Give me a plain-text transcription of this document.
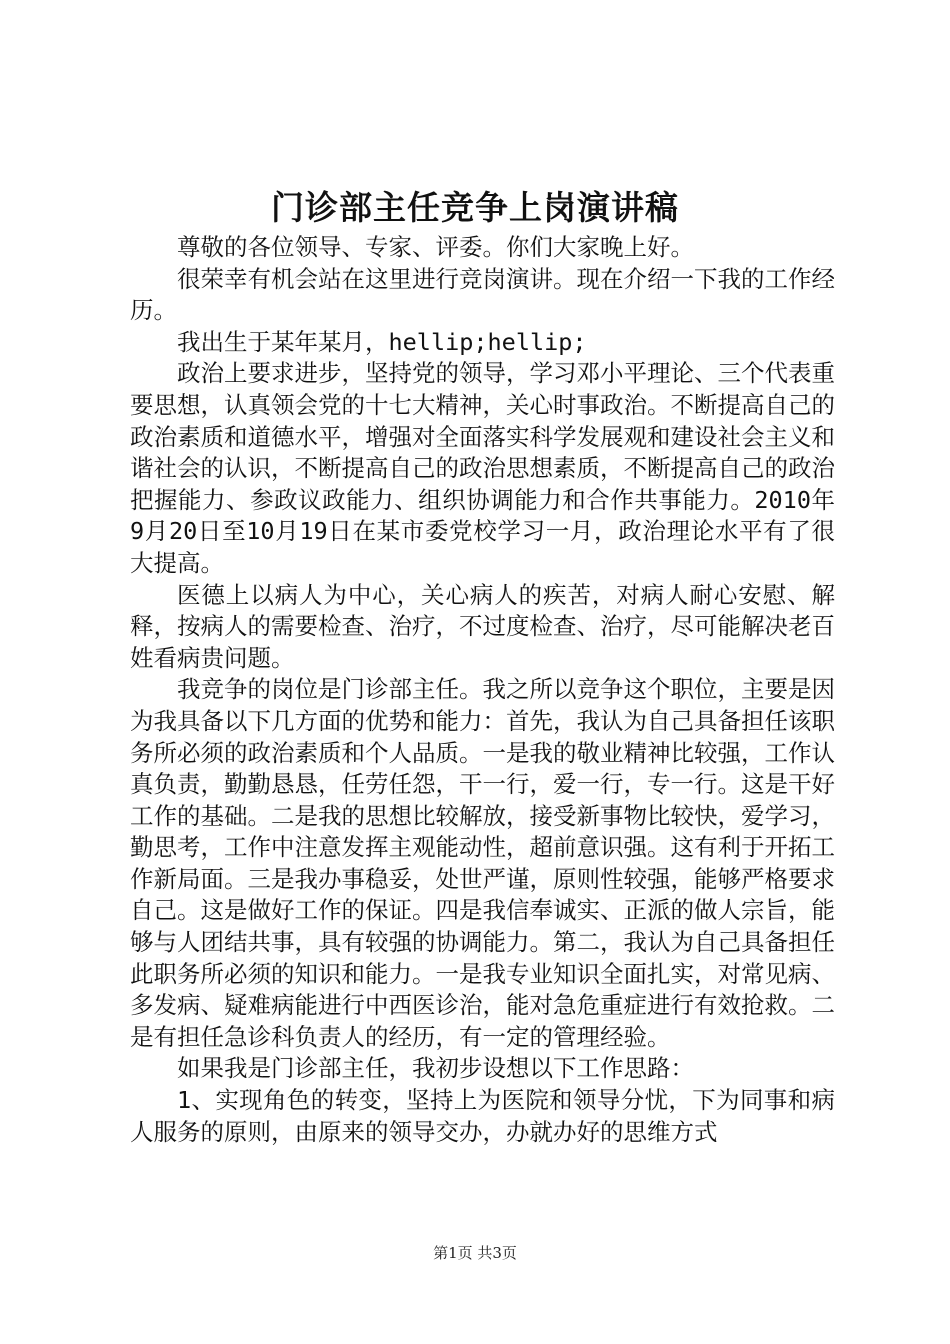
门诊部主任竞争上岗演讲稿

尊敬的各位领导、专家、评委。你们大家晚上好。

很荣幸有机会站在这里进行竞岗演讲。现在介绍一下我的工作经历。

我出生于某年某月，hellip;hellip;

政治上要求进步，坚持党的领导，学习邓小平理论、三个代表重要思想，认真领会党的十七大精神，关心时事政治。不断提高自己的政治素质和道德水平，增强对全面落实科学发展观和建设社会主义和谐社会的认识，不断提高自己的政治思想素质，不断提高自己的政治把握能力、参政议政能力、组织协调能力和合作共事能力。2010年9月20日至10月19日在某市委党校学习一月，政治理论水平有了很大提高。

医德上以病人为中心，关心病人的疾苦，对病人耐心安慰、解释，按病人的需要检查、治疗，不过度检查、治疗，尽可能解决老百姓看病贵问题。

我竞争的岗位是门诊部主任。我之所以竞争这个职位，主要是因为我具备以下几方面的优势和能力：首先，我认为自己具备担任该职务所必须的政治素质和个人品质。一是我的敬业精神比较强，工作认真负责，勤勤恳恳，任劳任怨，干一行，爱一行，专一行。这是干好工作的基础。二是我的思想比较解放，接受新事物比较快，爱学习，勤思考，工作中注意发挥主观能动性，超前意识强。这有利于开拓工作新局面。三是我办事稳妥，处世严谨，原则性较强，能够严格要求自己。这是做好工作的保证。四是我信奉诚实、正派的做人宗旨，能够与人团结共事，具有较强的协调能力。第二，我认为自己具备担任此职务所必须的知识和能力。一是我专业知识全面扎实，对常见病、多发病、疑难病能进行中西医诊治，能对急危重症进行有效抢救。二是有担任急诊科负责人的经历，有一定的管理经验。

如果我是门诊部主任，我初步设想以下工作思路：

1、实现角色的转变，坚持上为医院和领导分忧，下为同事和病人服务的原则，由原来的领导交办，办就办好的思维方式

第1页 共3页
